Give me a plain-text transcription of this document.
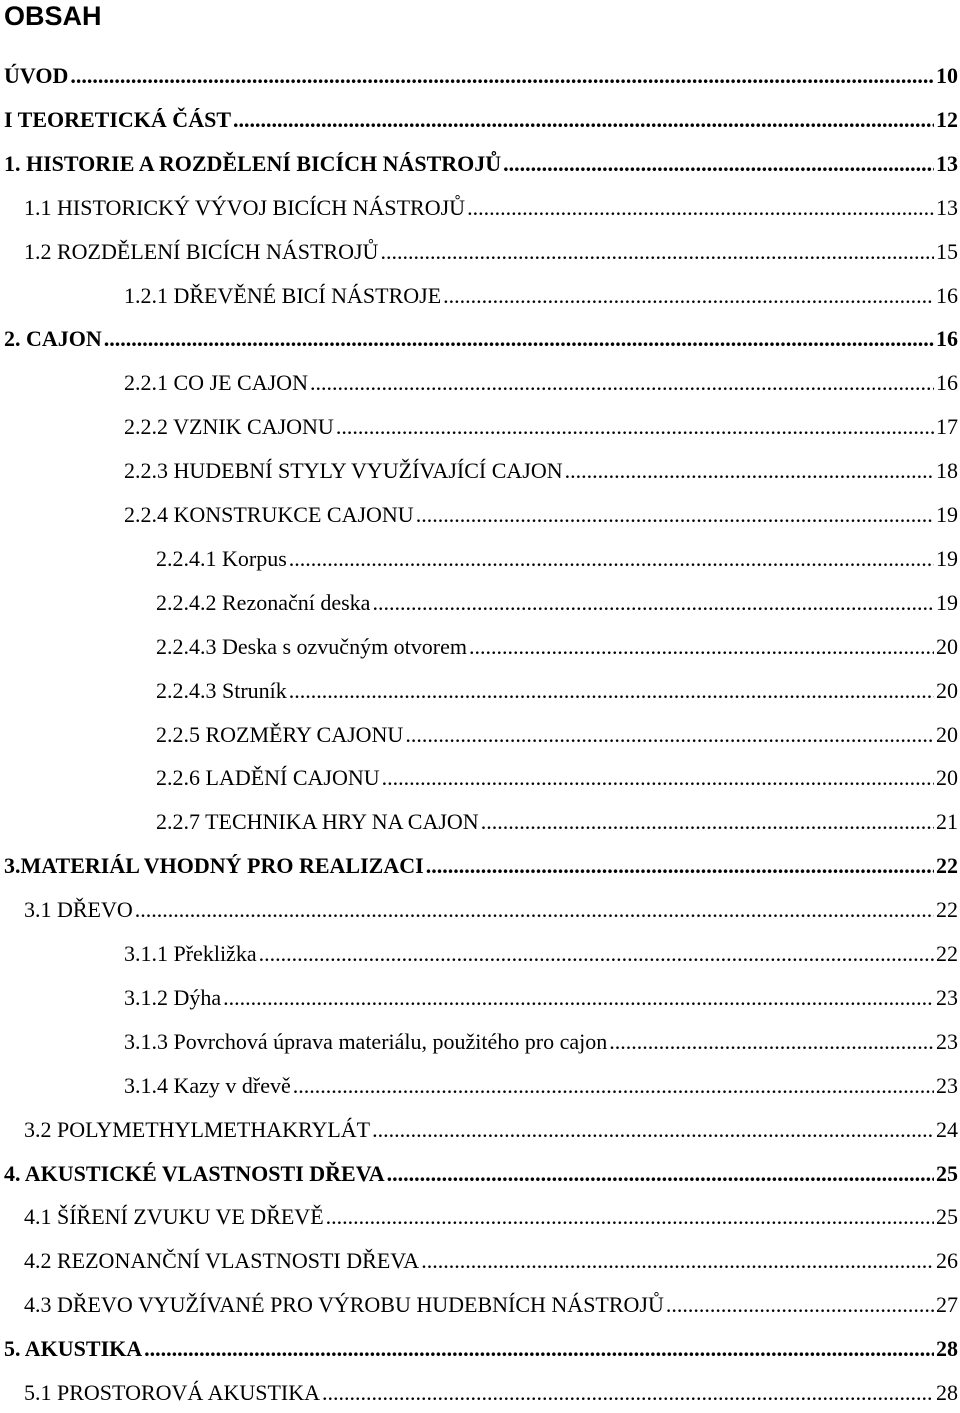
OBSAH
ÚVOD .....	10
I TEORETICKÁ ČÁST .....	12
1. HISTORIE A ROZDĚLENÍ BICÍCH NÁSTROJŮ .....	13
1.1 HISTORICKÝ VÝVOJ BICÍCH NÁSTROJŮ .....	13
1.2 ROZDĚLENÍ BICÍCH NÁSTROJŮ .....	15
1.2.1 DŘEVĚNÉ BICÍ NÁSTROJE .....	16
2. CAJON .....	16
2.2.1 CO JE CAJON .....	16
2.2.2 VZNIK CAJONU .....	17
2.2.3 HUDEBNÍ STYLY VYUŽÍVAJÍCÍ CAJON .....	18
2.2.4 KONSTRUKCE CAJONU .....	19
2.2.4.1 Korpus .....	19
2.2.4.2 Rezonační deska .....	19
2.2.4.3 Deska s ozvučným otvorem .....	20
2.2.4.3 Struník .....	20
2.2.5 ROZMĚRY CAJONU .....	20
2.2.6 LADĚNÍ CAJONU .....	20
2.2.7 TECHNIKA HRY NA CAJON .....	21
3.MATERIÁL VHODNÝ PRO REALIZACI .....	22
3.1 DŘEVO .....	22
3.1.1 Překližka .....	22
3.1.2 Dýha .....	23
3.1.3 Povrchová úprava materiálu, použitého pro cajon .....	23
3.1.4 Kazy v dřevě .....	23
3.2 POLYMETHYLMETHAKRYLÁT .....	24
4. AKUSTICKÉ VLASTNOSTI DŘEVA .....	25
4.1 ŠÍŘENÍ ZVUKU VE DŘEVĚ .....	25
4.2 REZONANČNÍ VLASTNOSTI DŘEVA .....	26
4.3 DŘEVO VYUŽÍVANÉ PRO VÝROBU HUDEBNÍCH NÁSTROJŮ .....	27
5. AKUSTIKA .....	28
5.1 PROSTOROVÁ AKUSTIKA .....	28
